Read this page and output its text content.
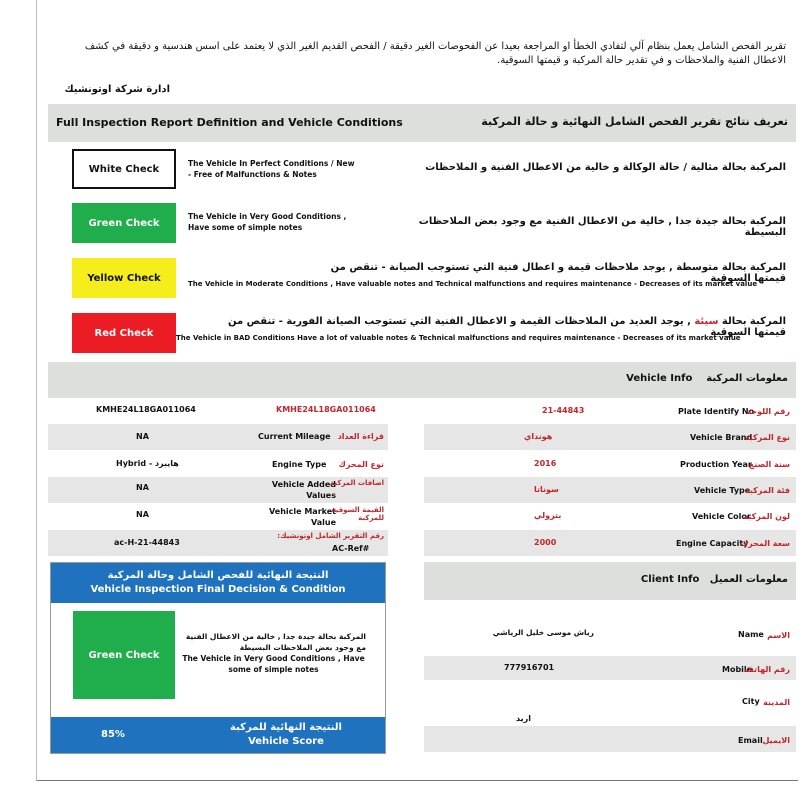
تقرير الفحص الشامل يعمل بنظام آلي لتفادي الخطأ او المراجعة بعيدا عن الفحوصات الغير دقيقة / الفحص القديم الغير الذي لا يعتمد على اسس هندسية و دقيقة في كشف
الاعطال الفنية والملاحظات و في تقدير حالة المركبة و قيمتها السوقية.
ادارة شركة اوتونشيك
Full Inspection Report Definition and Vehicle Conditions	تعريف نتائج تقرير الفحص الشامل النهائية و حالة المركبة
White Check	The Vehicle In Perfect Conditions / New - Free of Malfunctions & Notes
المركبة بحالة مثالية / حالة الوكالة و خالية من الاعطال الفنية و الملاحظات
Green Check
The Vehicle in Very Good Conditions , Have some of simple notes
المركبة بحالة جيدة جدا , خالية من الاعطال الفنية مع وجود بعض الملاحظات البسيطة
Yellow Check
المركبة بحالة متوسطة , يوجد ملاحظات قيمة و اعطال فنية التي تستوجب الصيانة - تنقص من قيمتها السوقية
The Vehicle in Moderate Conditions , Have valuable notes and Technical malfunctions and requires maintenance - Decreases of its market value
Red Check
المركبة بحالة سيئة , يوجد العديد من الملاحظات القيمة و الاعطال الفنية التي تستوجب الصيانة الفورية - تنقص من قيمتها السوقية
The Vehicle in BAD Conditions Have a lot of valuable notes & Technical malfunctions and requires maintenance - Decreases of its market value
معلومات المركبة    Vehicle Info
KMHE24L18GA011064	KMHE24L18GA011064
NA	Current Mileage قراءة العداد
Hybrid - هايبرد	Engine Type	نوع المحرك
NA	Vehicle Added Values
اضافات المركبة
NA	Vehicle Market Value
القيمة السوقية للمركبة
ac-H-21-44843
AC-Ref#
رقم التقرير الشامل اوتونشيك:
21-44843	Plate Identify No
رقم اللوحة
هونداي	Vehicle Brand
نوع المركبة
2016	Production Year
سنة الصنع
سوناتا	Vehicle Type
فئة المركبة
بترولي	Vehicle Color
لون المركبة
2000	Engine Capacity
سعة المحرك
النتيجة النهائية للفحص الشامل وحالة المركبة
Vehicle Inspection Final Decision & Condition
Green Check
المركبة بحالة جيدة جدا , خالية من الاعطال الفنية مع وجود بعض الملاحظات البسيطة
The Vehicle in Very Good Conditions , Have some of simple notes
85%
النتيجة النهائية للمركبة
Vehicle Score
معلومات العميل   Client Info
رياش موسى خليل الرياشي	Name الاسم
777916701	Mobile
رقم الهاتف
City المدينة
اريد
Email الايميل
